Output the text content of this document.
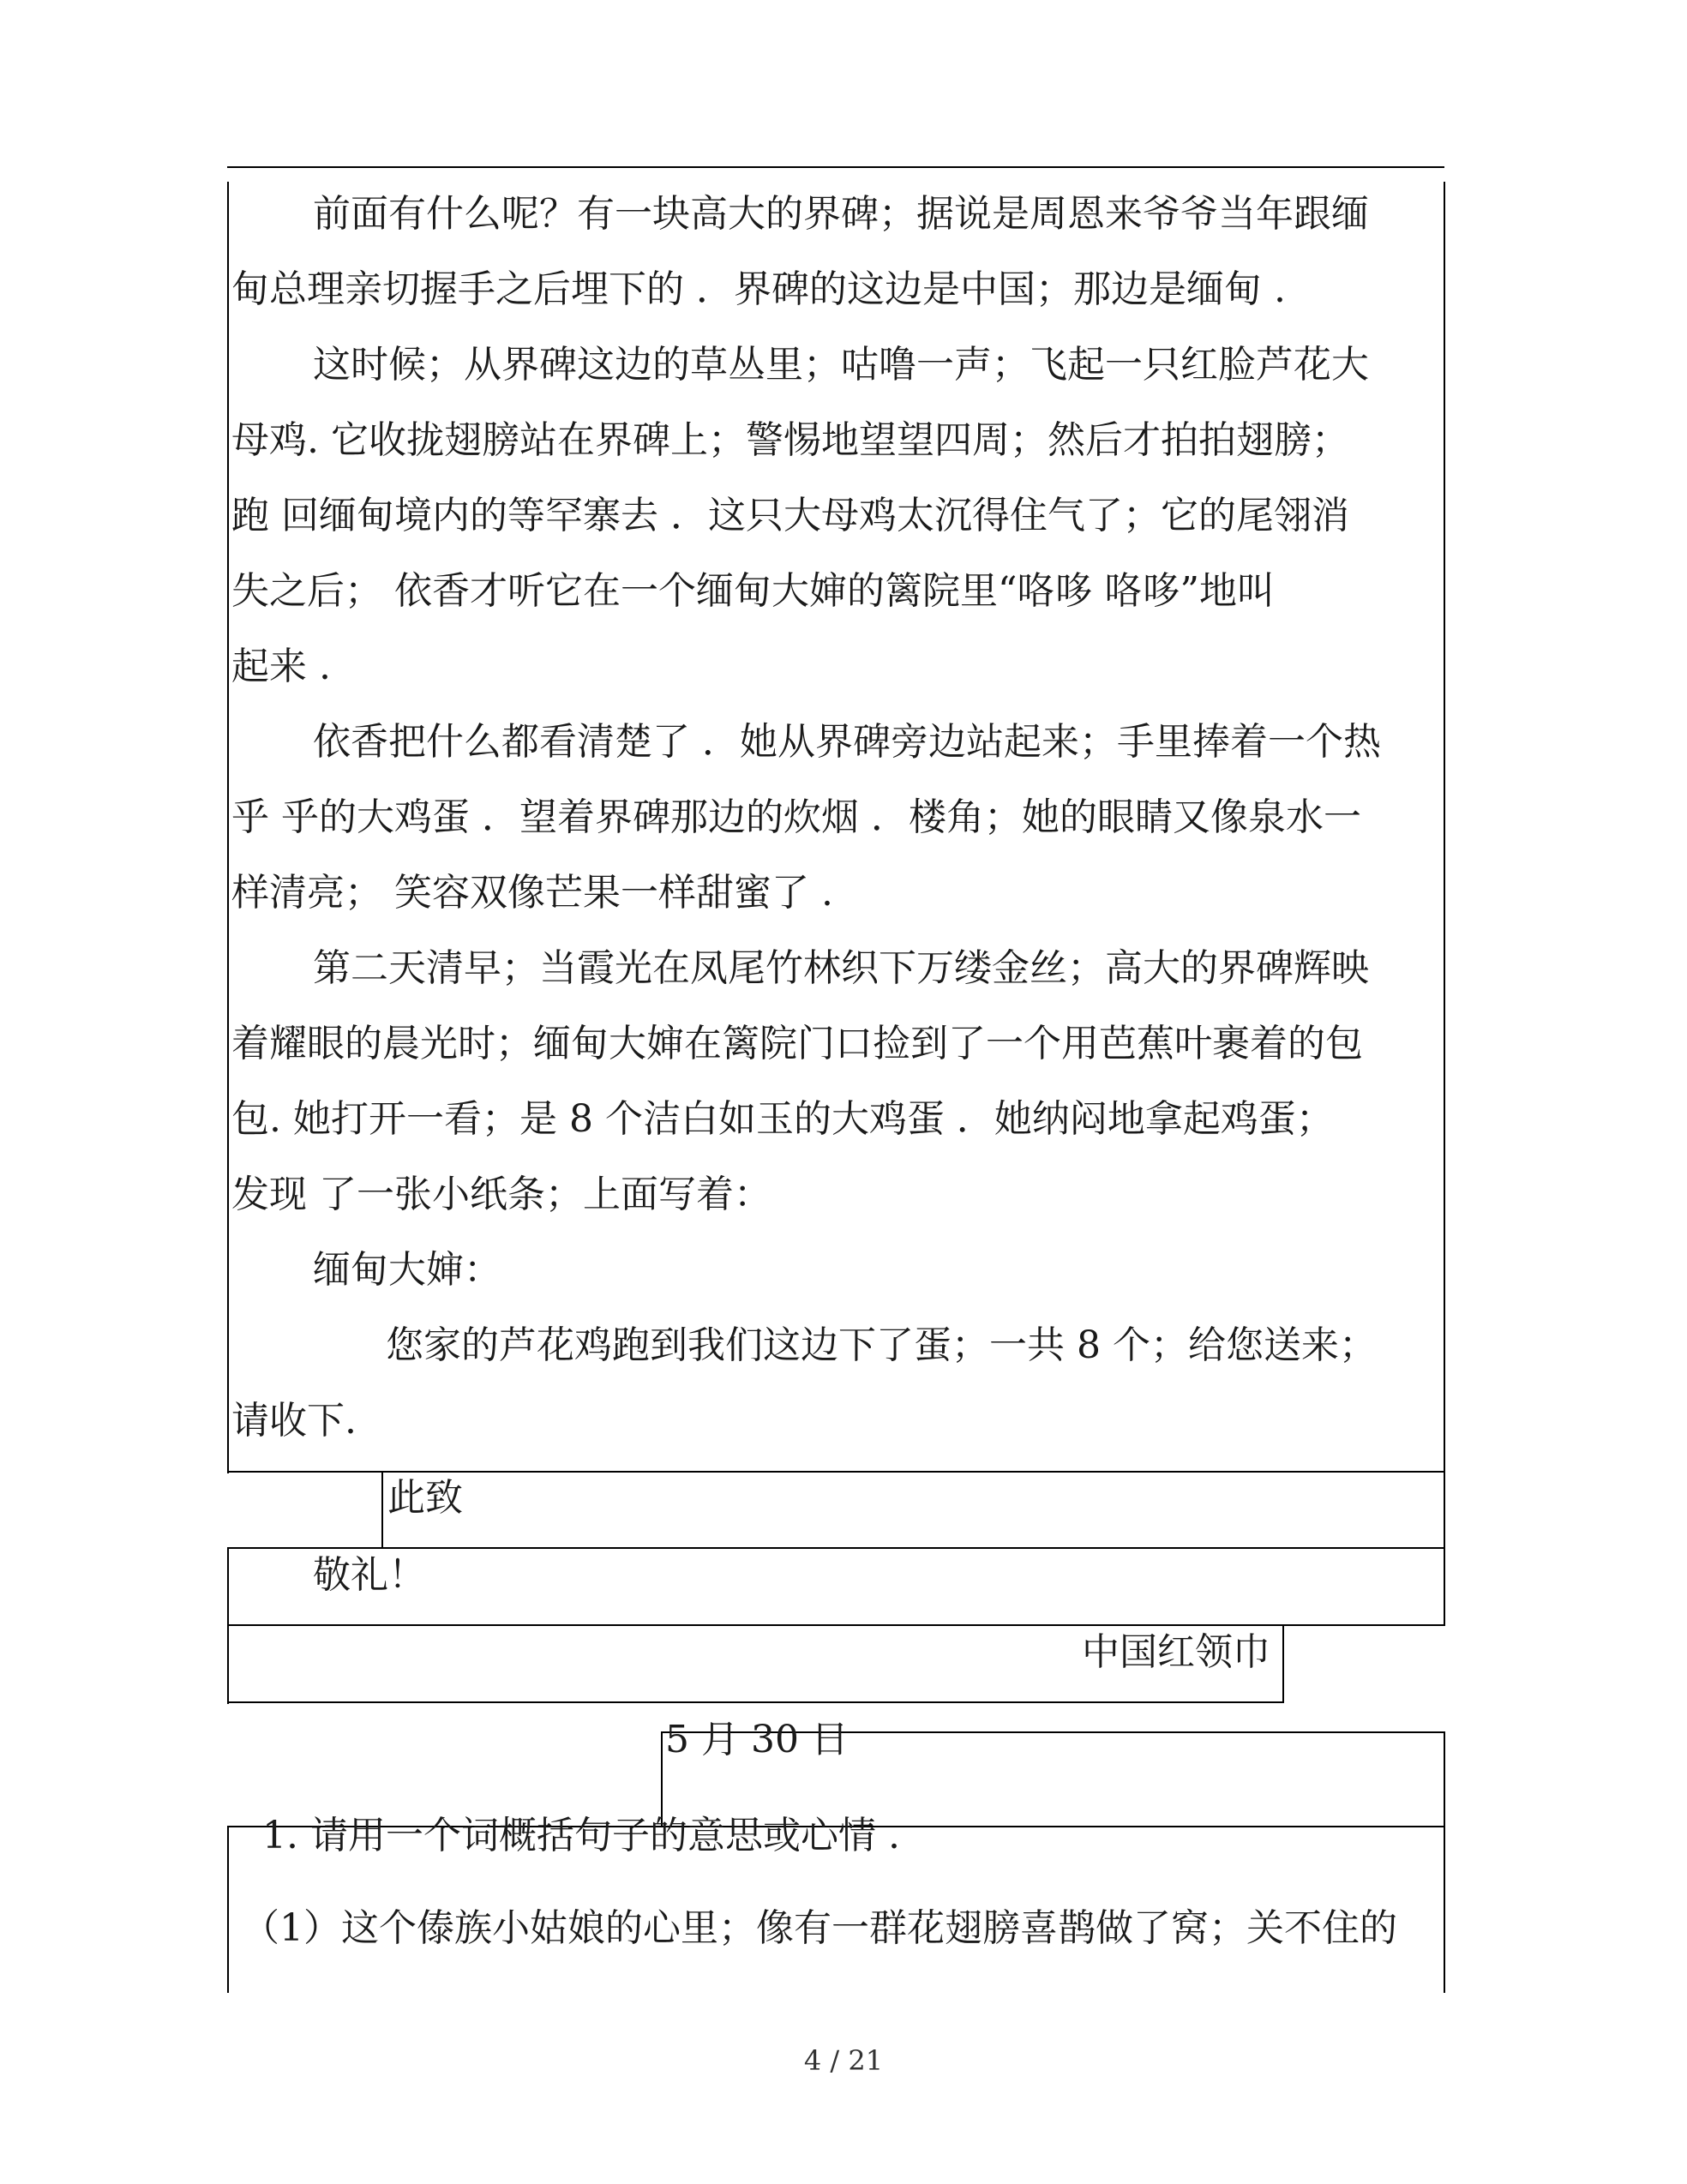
前面有什么呢？有一块高大的界碑；据说是周恩来爷爷当年跟缅
甸总理亲切握手之后埋下的 ．界碑的这边是中国；那边是缅甸 .
这时候；从界碑这边的草丛里；咕噜一声；飞起一只红脸芦花大
母鸡. 它收拢翅膀站在界碑上；警惕地望望四周；然后才拍拍翅膀；
跑 回缅甸境内的等罕寨去 ．这只大母鸡太沉得住气了；它的尾翎消
失之后； 依香才听它在一个缅甸大婶的篱院里“咯哆 咯哆”地叫
起来 .
依香把什么都看清楚了 ．她从界碑旁边站起来；手里捧着一个热
乎 乎的大鸡蛋 ．望着界碑那边的炊烟 ．楼角；她的眼睛又像泉水一
样清亮； 笑容双像芒果一样甜蜜了 .
第二天清早；当霞光在凤尾竹林织下万缕金丝；高大的界碑辉映
着耀眼的晨光时；缅甸大婶在篱院门口捡到了一个用芭蕉叶裹着的包
包. 她打开一看；是 8 个洁白如玉的大鸡蛋 ．她纳闷地拿起鸡蛋；
发现 了一张小纸条；上面写着：
缅甸大婶：
您家的芦花鸡跑到我们这边下了蛋；一共 8 个；给您送来；
请收下.
此致
敬礼！
中国红领巾
5 月 30 日
1. 请用一个词概括句子的意思或心情 .
（1）这个傣族小姑娘的心里；像有一群花翅膀喜鹊做了窝；关不住的
4 / 21
